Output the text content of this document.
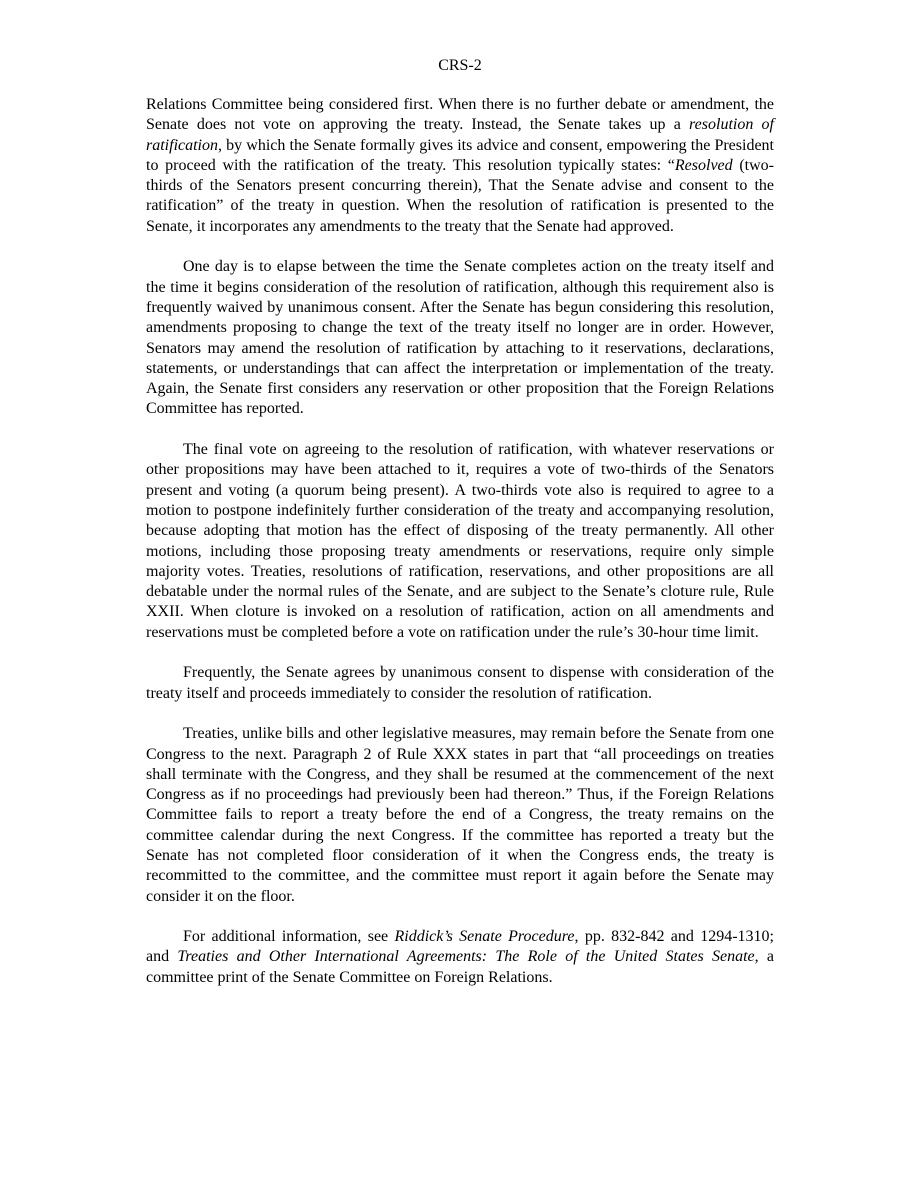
CRS-2

Relations Committee being considered first. When there is no further debate or amendment, the Senate does not vote on approving the treaty. Instead, the Senate takes up a resolution of ratification, by which the Senate formally gives its advice and consent, empowering the President to proceed with the ratification of the treaty. This resolution typically states: “Resolved (two-thirds of the Senators present concurring therein), That the Senate advise and consent to the ratification” of the treaty in question. When the resolution of ratification is presented to the Senate, it incorporates any amendments to the treaty that the Senate had approved.

One day is to elapse between the time the Senate completes action on the treaty itself and the time it begins consideration of the resolution of ratification, although this requirement also is frequently waived by unanimous consent. After the Senate has begun considering this resolution, amendments proposing to change the text of the treaty itself no longer are in order. However, Senators may amend the resolution of ratification by attaching to it reservations, declarations, statements, or understandings that can affect the interpretation or implementation of the treaty. Again, the Senate first considers any reservation or other proposition that the Foreign Relations Committee has reported.

The final vote on agreeing to the resolution of ratification, with whatever reservations or other propositions may have been attached to it, requires a vote of two-thirds of the Senators present and voting (a quorum being present). A two-thirds vote also is required to agree to a motion to postpone indefinitely further consideration of the treaty and accompanying resolution, because adopting that motion has the effect of disposing of the treaty permanently. All other motions, including those proposing treaty amendments or reservations, require only simple majority votes. Treaties, resolutions of ratification, reservations, and other propositions are all debatable under the normal rules of the Senate, and are subject to the Senate’s cloture rule, Rule XXII. When cloture is invoked on a resolution of ratification, action on all amendments and reservations must be completed before a vote on ratification under the rule’s 30-hour time limit.

Frequently, the Senate agrees by unanimous consent to dispense with consideration of the treaty itself and proceeds immediately to consider the resolution of ratification.

Treaties, unlike bills and other legislative measures, may remain before the Senate from one Congress to the next. Paragraph 2 of Rule XXX states in part that “all proceedings on treaties shall terminate with the Congress, and they shall be resumed at the commencement of the next Congress as if no proceedings had previously been had thereon.” Thus, if the Foreign Relations Committee fails to report a treaty before the end of a Congress, the treaty remains on the committee calendar during the next Congress. If the committee has reported a treaty but the Senate has not completed floor consideration of it when the Congress ends, the treaty is recommitted to the committee, and the committee must report it again before the Senate may consider it on the floor.

For additional information, see Riddick’s Senate Procedure, pp. 832-842 and 1294-1310; and Treaties and Other International Agreements: The Role of the United States Senate, a committee print of the Senate Committee on Foreign Relations.
